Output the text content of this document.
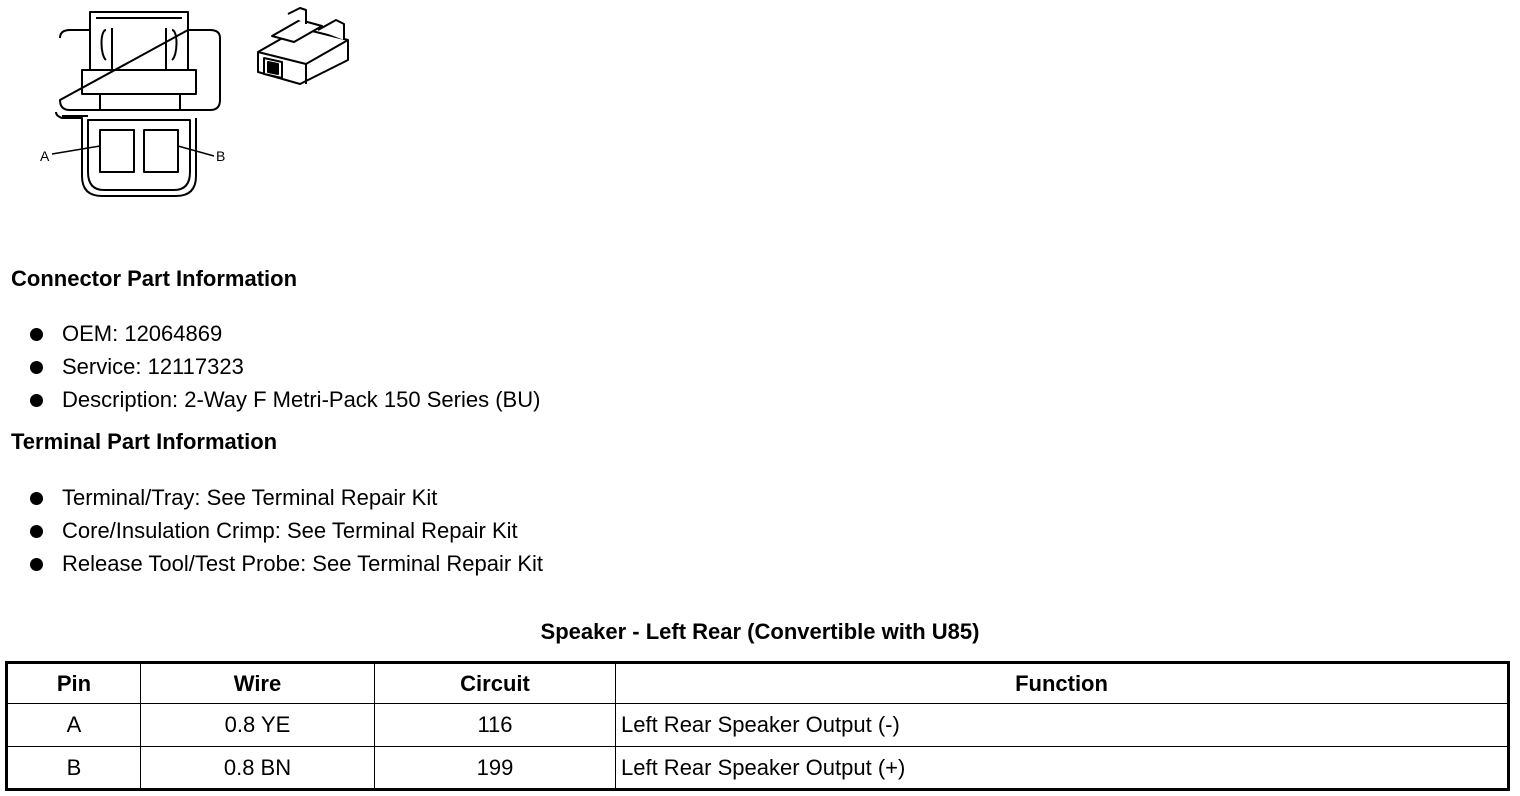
A	B
Connector Part Information
OEM: 12064869
Service: 12117323
Description: 2-Way F Metri-Pack 150 Series (BU)
Terminal Part Information
Terminal/Tray: See Terminal Repair Kit
Core/Insulation Crimp: See Terminal Repair Kit
Release Tool/Test Probe: See Terminal Repair Kit
Speaker - Left Rear (Convertible with U85)
Pin	Wire	Circuit	Function
A	0.8 YE	116	Left Rear Speaker Output (-)
B	0.8 BN	199	Left Rear Speaker Output (+)
